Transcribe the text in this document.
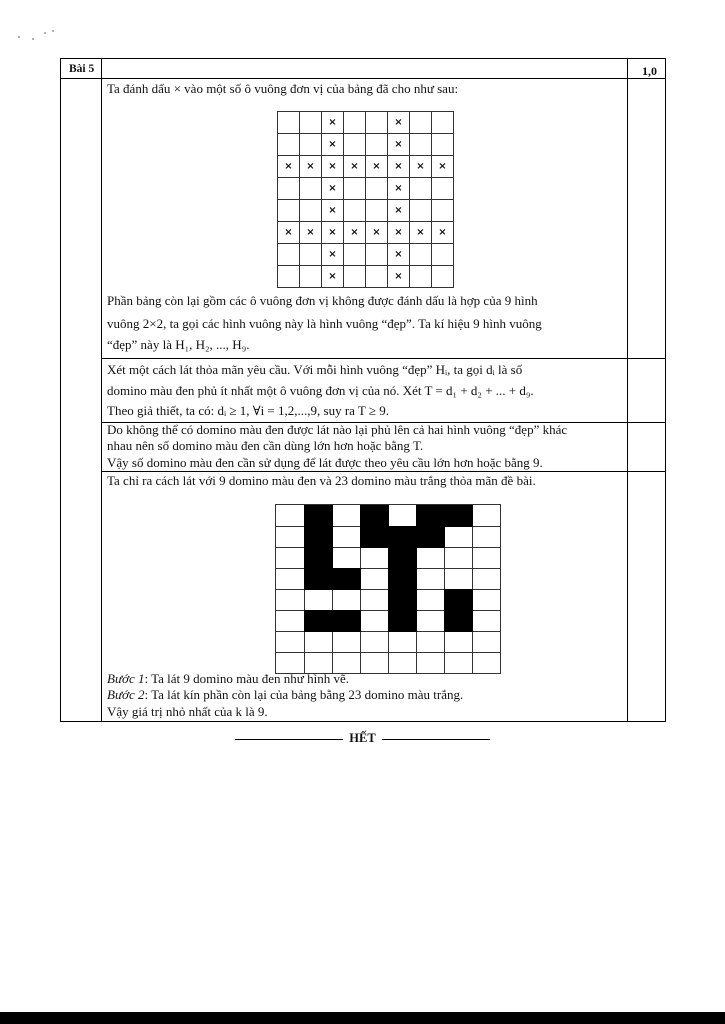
Bài 5	1,0
Ta đánh dấu × vào một số ô vuông đơn vị của bảng đã cho như sau:
		×			×		
		×			×		
×	×	×	×	×	×	×	×
		×			×		
		×			×		
×	×	×	×	×	×	×	×
		×			×		
		×			×		
Phần bảng còn lại gồm các ô vuông đơn vị không được đánh dấu là hợp của 9 hình
vuông 2×2, ta gọi các hình vuông này là hình vuông “đẹp”. Ta kí hiệu 9 hình vuông
“đẹp” này là H₁, H₂, ..., H₉.
Xét một cách lát thỏa mãn yêu cầu. Với mỗi hình vuông “đẹp” Hᵢ, ta gọi dᵢ là số
domino màu đen phủ ít nhất một ô vuông đơn vị của nó. Xét T = d₁ + d₂ + ... + d₉.
Theo giả thiết, ta có: dᵢ ≥ 1, ∀i = 1,2,...,9, suy ra T ≥ 9.
Do không thể có domino màu đen được lát nào lại phủ lên cả hai hình vuông “đẹp” khác
nhau nên số domino màu đen cần dùng lớn hơn hoặc bằng T.
Vậy số domino màu đen cần sử dụng để lát được theo yêu cầu lớn hơn hoặc bằng 9.
Ta chỉ ra cách lát với 9 domino màu đen và 23 domino màu trắng thỏa mãn đề bài.
Bước 1: Ta lát 9 domino màu đen như hình vẽ.
Bước 2: Ta lát kín phần còn lại của bảng bằng 23 domino màu trắng.
Vậy giá trị nhỏ nhất của k là 9.
HẾT
